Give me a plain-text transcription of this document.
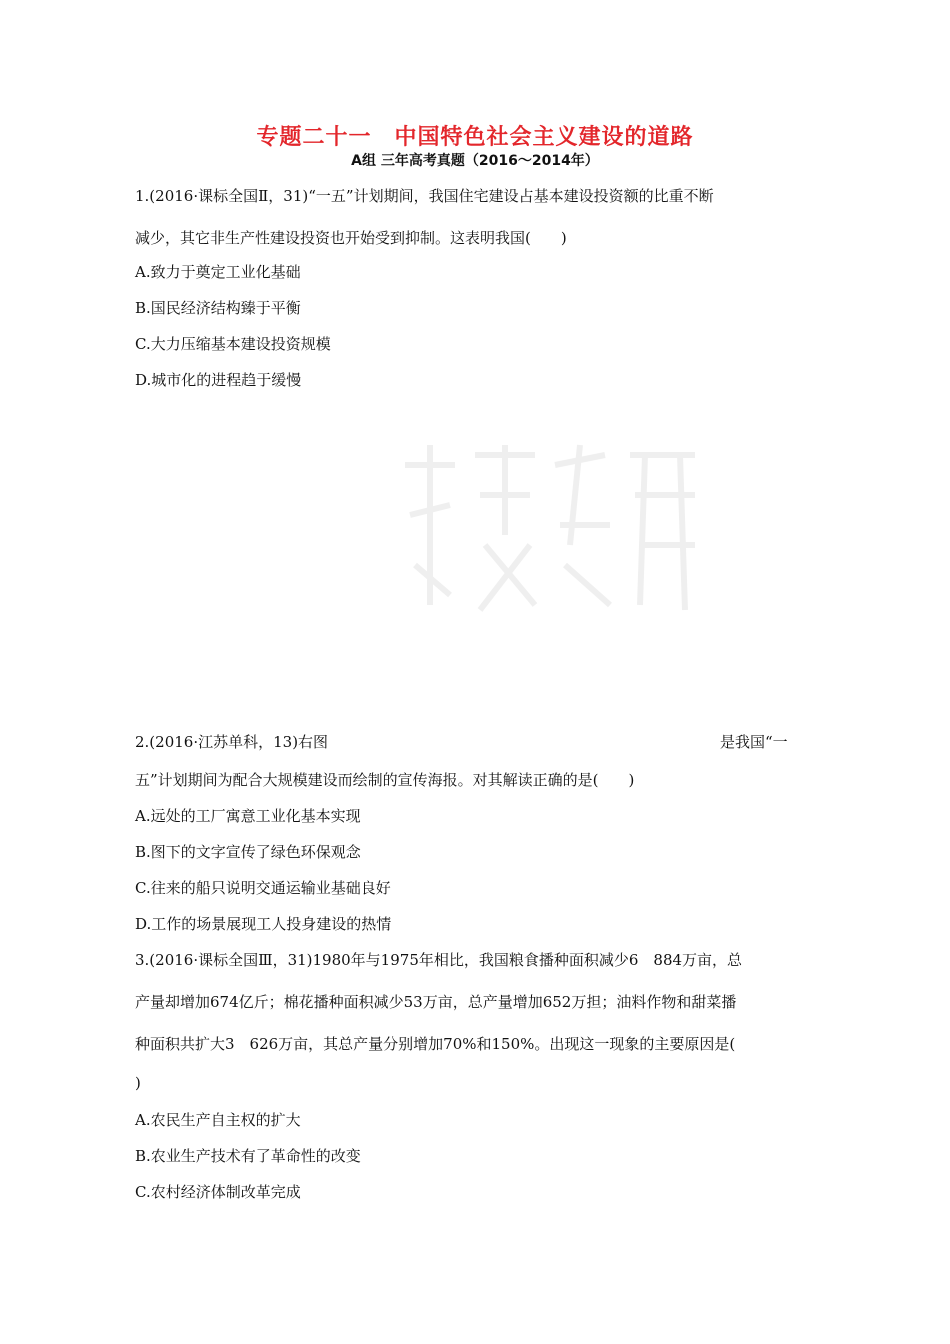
专题二十一　中国特色社会主义建设的道路
A组 三年高考真题（2016～2014年）
1.(2016·课标全国Ⅱ，31)“一五”计划期间，我国住宅建设占基本建设投资额的比重不断
减少，其它非生产性建设投资也开始受到抑制。这表明我国(　　)
A.致力于奠定工业化基础
B.国民经济结构臻于平衡
C.大力压缩基本建设投资规模
D.城市化的进程趋于缓慢
2.(2016·江苏单科，13)右图	是我国“一
五”计划期间为配合大规模建设而绘制的宣传海报。对其解读正确的是(　　)
A.远处的工厂寓意工业化基本实现
B.图下的文字宣传了绿色环保观念
C.往来的船只说明交通运输业基础良好
D.工作的场景展现工人投身建设的热情
3.(2016·课标全国Ⅲ，31)1980年与1975年相比，我国粮食播种面积减少6　884万亩，总
产量却增加674亿斤；棉花播种面积减少53万亩，总产量增加652万担；油料作物和甜菜播
种面积共扩大3　626万亩，其总产量分别增加70%和150%。出现这一现象的主要原因是(
)
A.农民生产自主权的扩大
B.农业生产技术有了革命性的改变
C.农村经济体制改革完成
